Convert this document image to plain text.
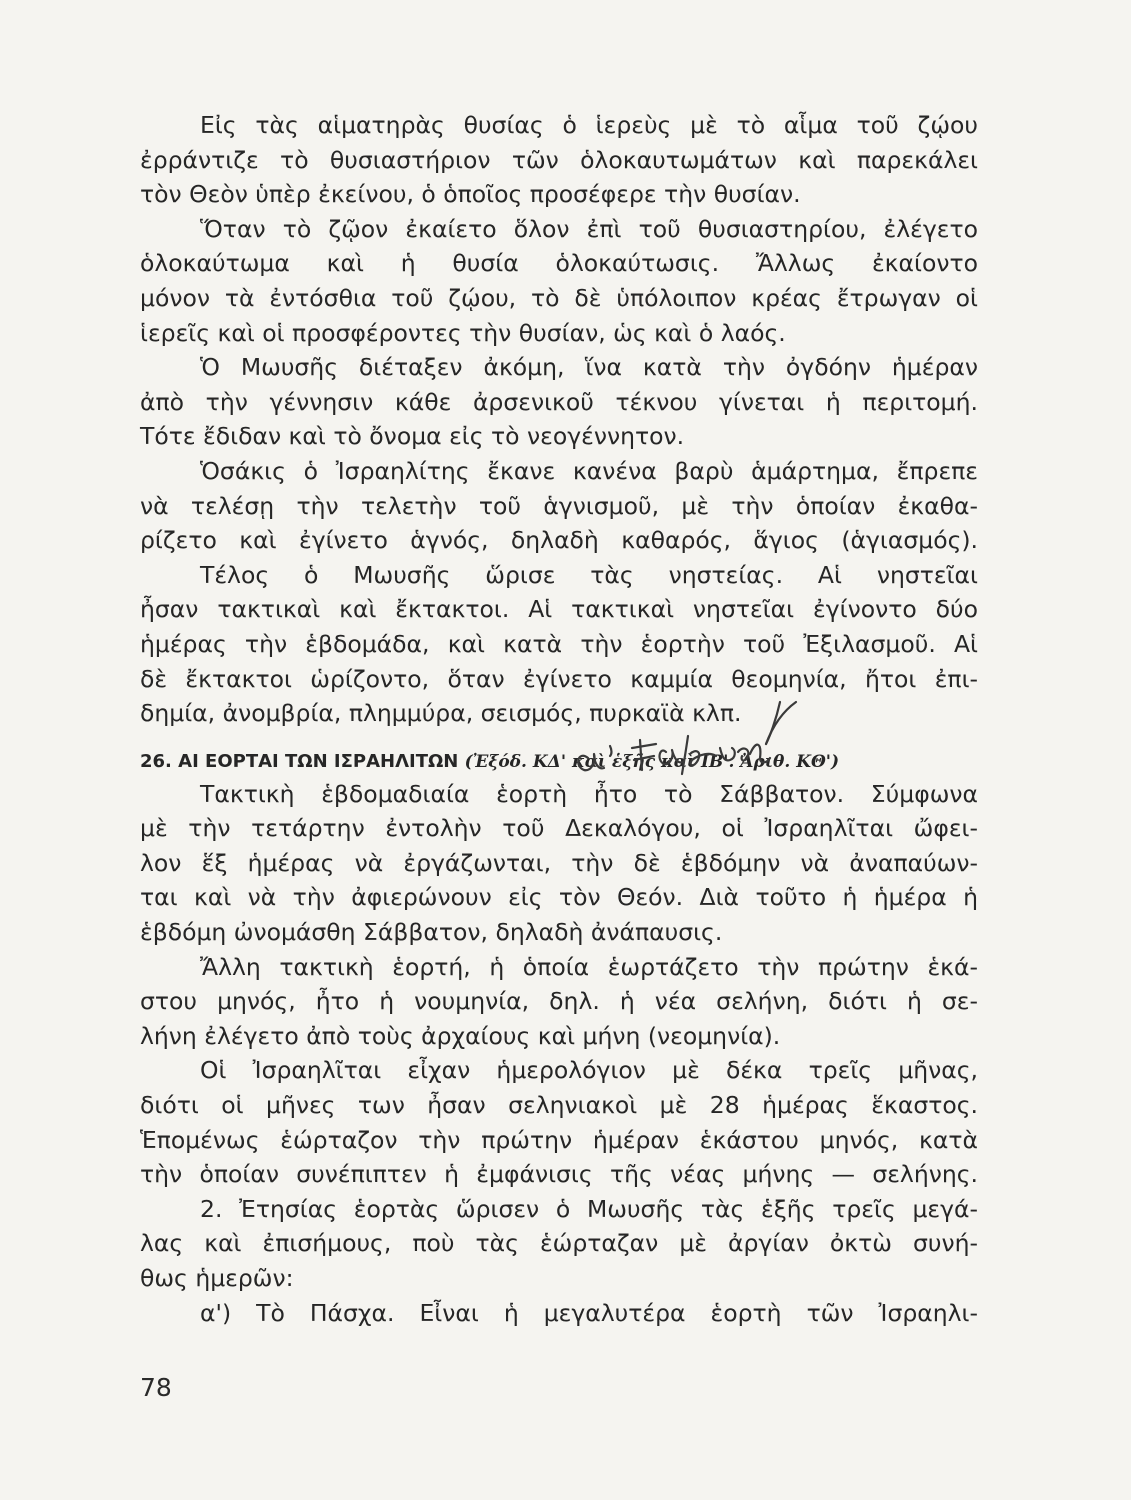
Εἰς τὰς αἱματηρὰς θυσίας ὁ ἱερεὺς μὲ τὸ αἷμα τοῦ ζῴου
ἐρράντιζε τὸ θυσιαστήριον τῶν ὁλοκαυτωμάτων καὶ παρεκάλει
τὸν Θεὸν ὑπὲρ ἐκείνου, ὁ ὁποῖος προσέφερε τὴν θυσίαν.
Ὅταν τὸ ζῷον ἐκαίετο ὅλον ἐπὶ τοῦ θυσιαστηρίου, ἐλέγετο
ὁλοκαύτωμα καὶ ἡ θυσία ὁλοκαύτωσις. Ἄλλως ἐκαίοντο
μόνον τὰ ἐντόσθια τοῦ ζῴου, τὸ δὲ ὑπόλοιπον κρέας ἔτρωγαν οἱ
ἱερεῖς καὶ οἱ προσφέροντες τὴν θυσίαν, ὡς καὶ ὁ λαός.
Ὁ Μωυσῆς διέταξεν ἀκόμη, ἵνα κατὰ τὴν ὀγδόην ἡμέραν
ἀπὸ τὴν γέννησιν κάθε ἀρσενικοῦ τέκνου γίνεται ἡ περιτομή.
Τότε ἔδιδαν καὶ τὸ ὄνομα εἰς τὸ νεογέννητον.
Ὁσάκις ὁ Ἰσραηλίτης ἔκανε κανένα βαρὺ ἁμάρτημα, ἔπρεπε
νὰ τελέσῃ τὴν τελετὴν τοῦ ἁγνισμοῦ, μὲ τὴν ὁποίαν ἐκαθα-
ρίζετο καὶ ἐγίνετο ἁγνός, δηλαδὴ καθαρός, ἅγιος (ἁγιασμός).
Τέλος ὁ Μωυσῆς ὥρισε τὰς νηστείας. Αἱ νηστεῖαι
ἦσαν τακτικαὶ καὶ ἔκτακτοι. Αἱ τακτικαὶ νηστεῖαι ἐγίνοντο δύο
ἡμέρας τὴν ἑβδομάδα, καὶ κατὰ τὴν ἑορτὴν τοῦ Ἐξιλασμοῦ. Αἱ
δὲ ἔκτακτοι ὡρίζοντο, ὅταν ἐγίνετο καμμία θεομηνία, ἤτοι ἐπι-
δημία, ἀνομβρία, πλημμύρα, σεισμός, πυρκαϊὰ κλπ.
26. ΑΙ ΕΟΡΤΑΙ ΤΩΝ ΙΣΡΑΗΛΙΤΩΝ (Ἐξόδ. ΚΔ' καὶ ἑξῆς καὶ ΙΒ'. Ἀριθ. ΚΘ')
Τακτικὴ ἑβδομαδιαία ἑορτὴ ἦτο τὸ Σάββατον. Σύμφωνα
μὲ τὴν τετάρτην ἐντολὴν τοῦ Δεκαλόγου, οἱ Ἰσραηλῖται ὤφει-
λον ἕξ ἡμέρας νὰ ἐργάζωνται, τὴν δὲ ἑβδόμην νὰ ἀναπαύων-
ται καὶ νὰ τὴν ἀφιερώνουν εἰς τὸν Θεόν. Διὰ τοῦτο ἡ ἡμέρα ἡ
ἑβδόμη ὠνομάσθη Σάββατον, δηλαδὴ ἀνάπαυσις.
Ἄλλη τακτικὴ ἑορτή, ἡ ὁποία ἑωρτάζετο τὴν πρώτην ἑκά-
στου μηνός, ἦτο ἡ νουμηνία, δηλ. ἡ νέα σελήνη, διότι ἡ σε-
λήνη ἐλέγετο ἀπὸ τοὺς ἀρχαίους καὶ μήνη (νεομηνία).
Οἱ Ἰσραηλῖται εἶχαν ἡμερολόγιον μὲ δέκα τρεῖς μῆνας,
διότι οἱ μῆνες των ἦσαν σεληνιακοὶ μὲ 28 ἡμέρας ἕκαστος.
Ἑπομένως ἑώρταζον τὴν πρώτην ἡμέραν ἑκάστου μηνός, κατὰ
τὴν ὁποίαν συνέπιπτεν ἡ ἐμφάνισις τῆς νέας μήνης — σελήνης.
2. Ἐτησίας ἑορτὰς ὥρισεν ὁ Μωυσῆς τὰς ἑξῆς τρεῖς μεγά-
λας καὶ ἐπισήμους, ποὺ τὰς ἑώρταζαν μὲ ἀργίαν ὀκτὼ συνή-
θως ἡμερῶν:
α') Τὸ Πάσχα. Εἶναι ἡ μεγαλυτέρα ἑορτὴ τῶν Ἰσραηλι-
78
